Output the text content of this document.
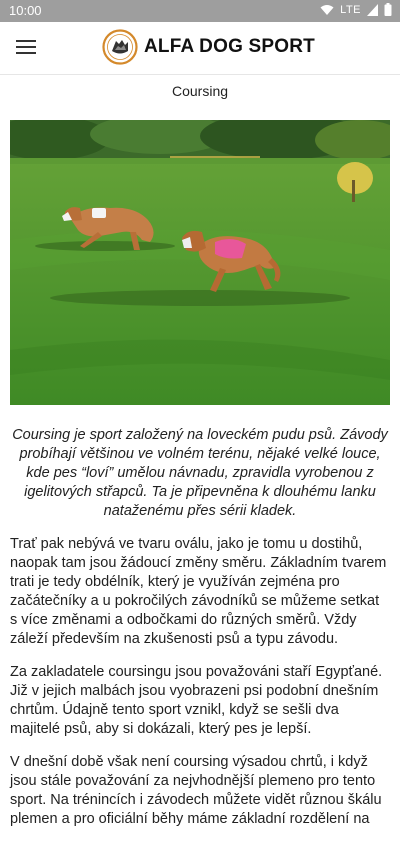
10:00	LTE
ALFA DOG SPORT
Coursing

Coursing je sport založený na loveckém pudu psů. Závody probíhají většinou ve volném terénu, nějaké velké louce, kde pes “loví” umělou návnadu, zpravidla vyrobenou z igelitových střapců. Ta je připevněna k dlouhému lanku nataženému přes sérii kladek.

Trať pak nebývá ve tvaru oválu, jako je tomu u dostihů, naopak tam jsou žádoucí změny směru. Základním tvarem trati je tedy obdélník, který je využíván zejména pro začátečníky a u pokročilých závodníků se můžeme setkat s více změnami a odbočkami do různých směrů. Vždy záleží především na zkušenosti psů a typu závodu.

Za zakladatele coursingu jsou považováni staří Egypťané. Již v jejich malbách jsou vyobrazeni psi podobní dnešním chrtům. Údajně tento sport vznikl, když se sešli dva majitelé psů, aby si dokázali, který pes je lepší.

V dnešní době však není coursing výsadou chrtů, i když jsou stále považování za nejvhodnější plemeno pro tento sport. Na trénincích i závodech můžete vidět různou škálu plemen a pro oficiální běhy máme základní rozdělení na
